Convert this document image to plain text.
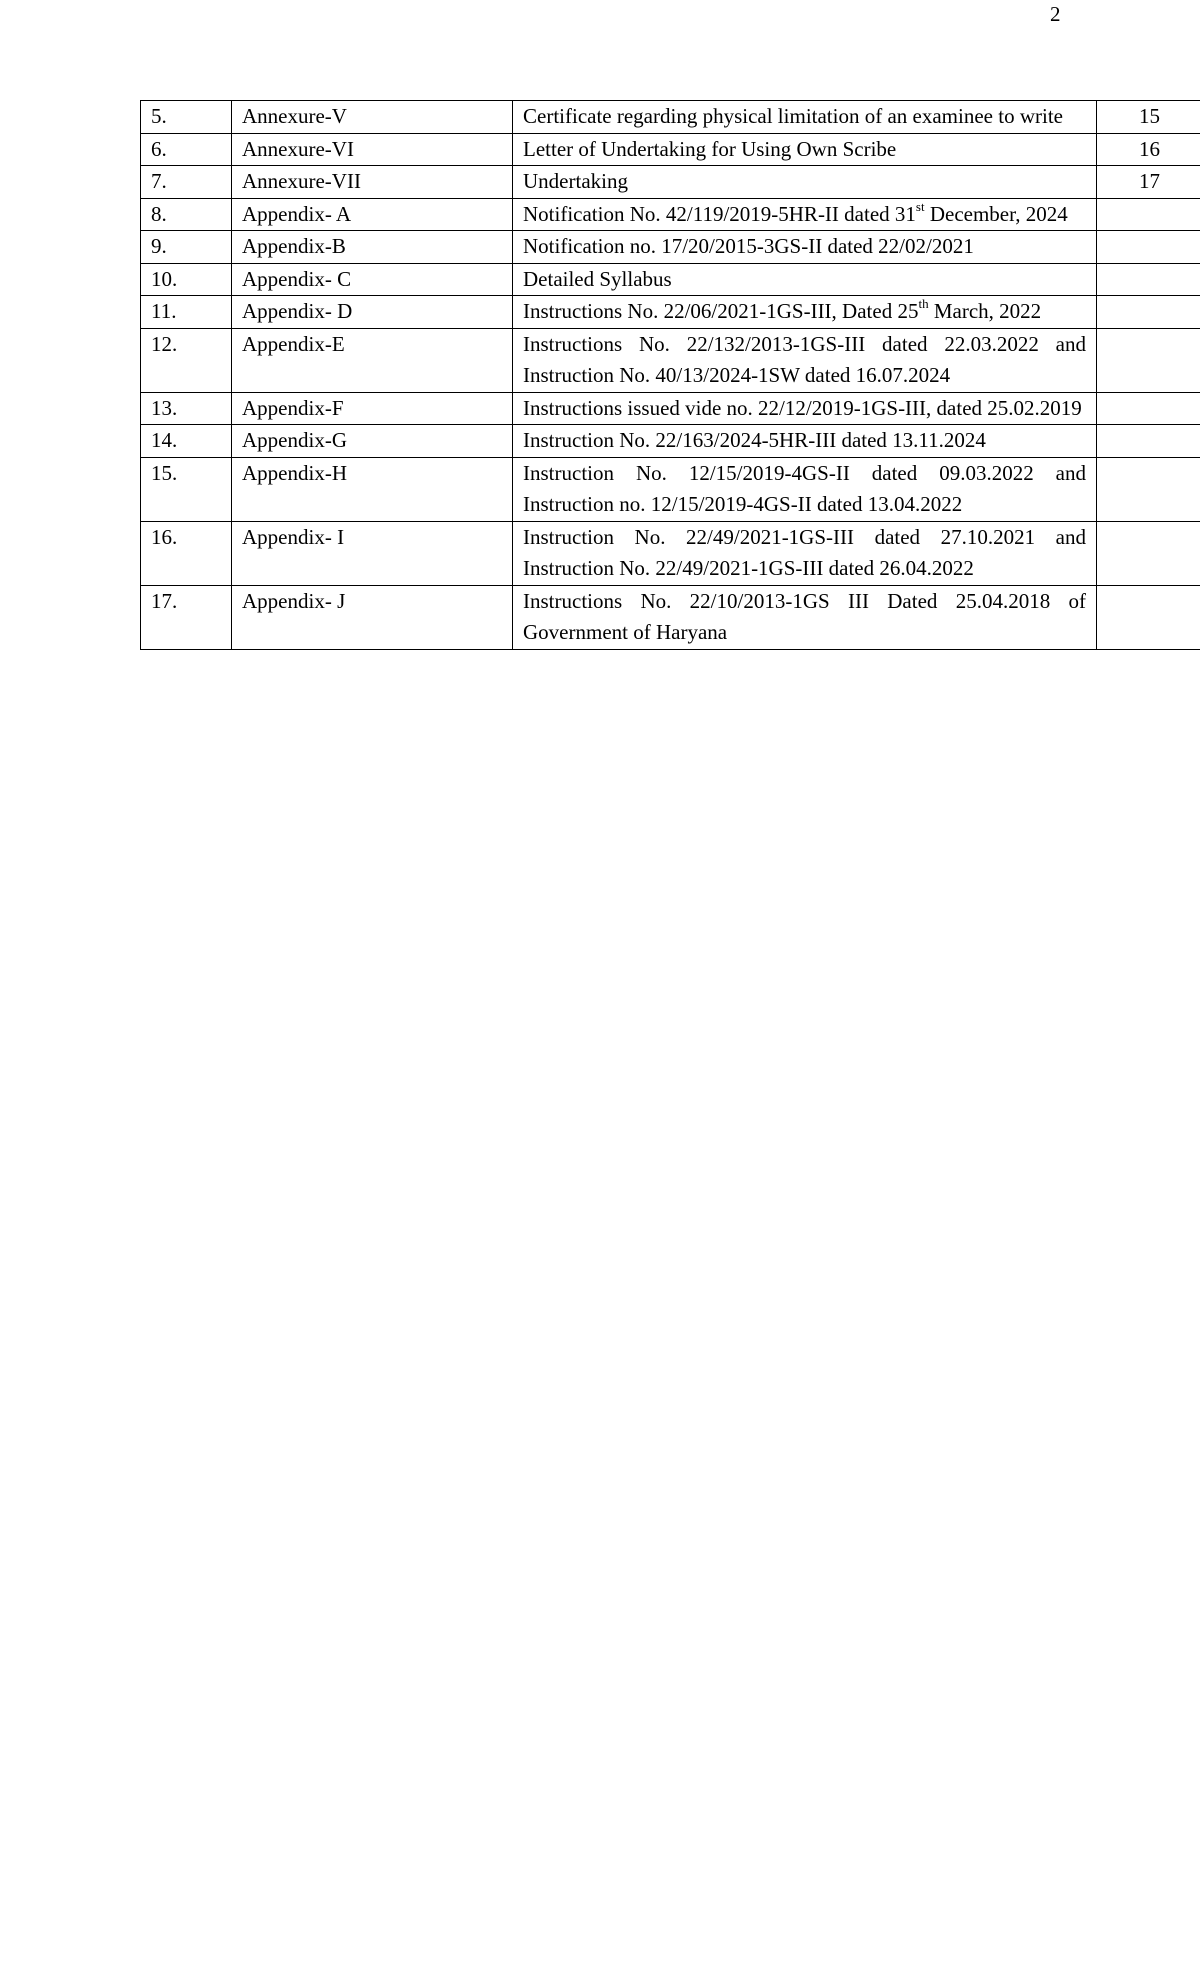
2
5.	Annexure-V	Certificate regarding physical limitation of an examinee to write	15
6.	Annexure-VI	Letter of Undertaking for Using Own Scribe	16
7.	Annexure-VII	Undertaking	17
8.	Appendix- A	Notification No. 42/119/2019-5HR-II dated 31st December, 2024	
9.	Appendix-B	Notification no. 17/20/2015-3GS-II dated 22/02/2021	
10.	Appendix- C	Detailed Syllabus	
11.	Appendix- D	Instructions No. 22/06/2021-1GS-III, Dated 25th March, 2022	
12.	Appendix-E	Instructions No. 22/132/2013-1GS-III dated 22.03.2022 and Instruction No. 40/13/2024-1SW dated 16.07.2024	
13.	Appendix-F	Instructions issued vide no. 22/12/2019-1GS-III, dated 25.02.2019	
14.	Appendix-G	Instruction No. 22/163/2024-5HR-III dated 13.11.2024	
15.	Appendix-H	Instruction No. 12/15/2019-4GS-II dated 09.03.2022 and Instruction no. 12/15/2019-4GS-II dated 13.04.2022	
16.	Appendix- I	Instruction No. 22/49/2021-1GS-III dated 27.10.2021 and Instruction No. 22/49/2021-1GS-III dated 26.04.2022	
17.	Appendix- J	Instructions No. 22/10/2013-1GS III Dated 25.04.2018 of Government of Haryana	
